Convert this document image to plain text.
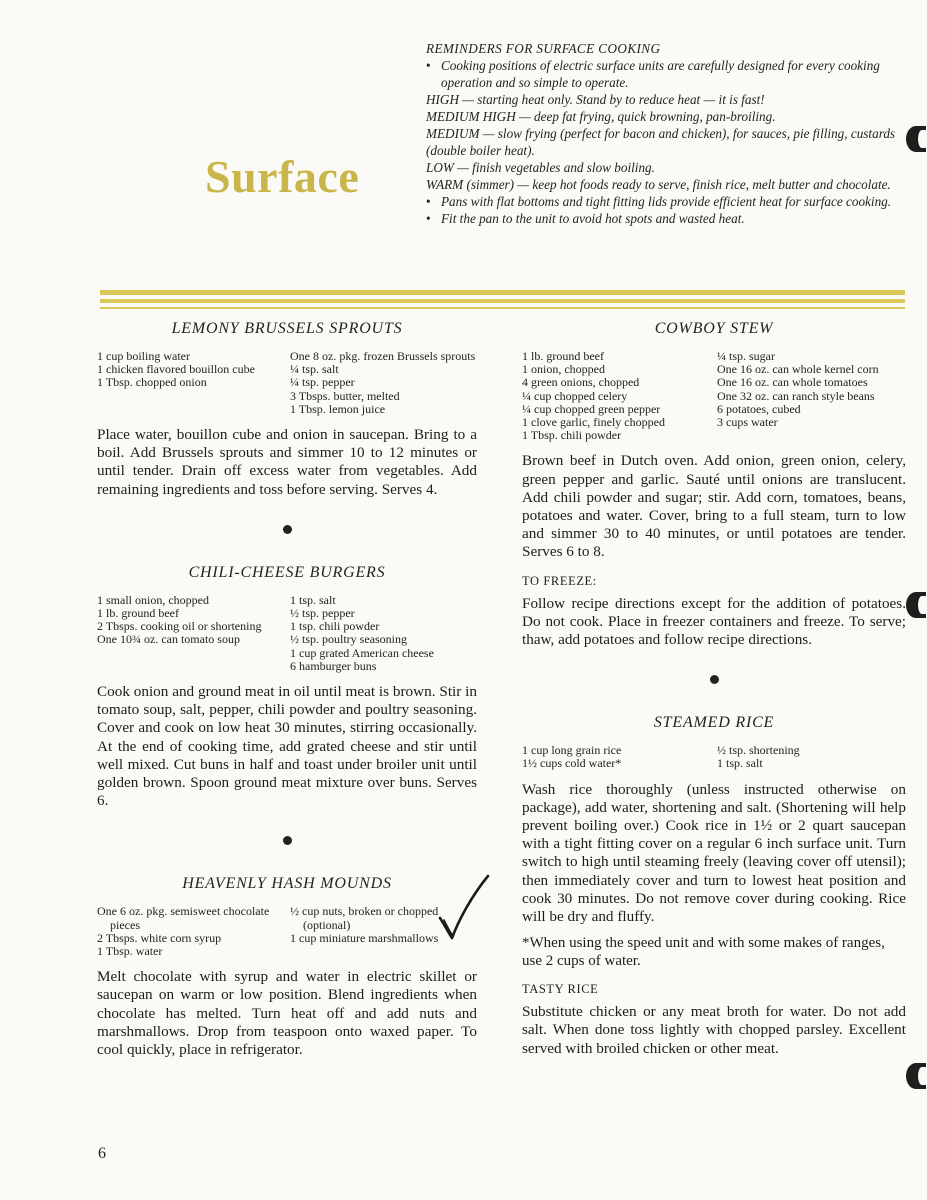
Surface
REMINDERS FOR SURFACE COOKING
• Cooking positions of electric surface units are carefully designed for every cooking operation and so simple to operate.
HIGH — starting heat only. Stand by to reduce heat — it is fast!
MEDIUM HIGH — deep fat frying, quick browning, pan-broiling.
MEDIUM — slow frying (perfect for bacon and chicken), for sauces, pie filling, custards (double boiler heat).
LOW — finish vegetables and slow boiling.
WARM (simmer) — keep hot foods ready to serve, finish rice, melt butter and chocolate.
• Pans with flat bottoms and tight fitting lids provide efficient heat for surface cooking.
• Fit the pan to the unit to avoid hot spots and wasted heat.
LEMONY BRUSSELS SPROUTS
1 cup boiling water
1 chicken flavored bouillon cube
1 Tbsp. chopped onion
One 8 oz. pkg. frozen Brussels sprouts
¼ tsp. salt
¼ tsp. pepper
3 Tbsps. butter, melted
1 Tbsp. lemon juice

Place water, bouillon cube and onion in saucepan. Bring to a boil. Add Brussels sprouts and simmer 10 to 12 minutes or until tender. Drain off excess water from vegetables. Add remaining ingredients and toss before serving. Serves 4.

CHILI-CHEESE BURGERS
1 small onion, chopped
1 lb. ground beef
2 Tbsps. cooking oil or shortening
One 10¾ oz. can tomato soup
1 tsp. salt
½ tsp. pepper
1 tsp. chili powder
½ tsp. poultry seasoning
1 cup grated American cheese
6 hamburger buns

Cook onion and ground meat in oil until meat is brown. Stir in tomato soup, salt, pepper, chili powder and poultry seasoning. Cover and cook on low heat 30 minutes, stirring occasionally. At the end of cooking time, add grated cheese and stir until well mixed. Cut buns in half and toast under broiler unit until golden brown. Spoon ground meat mixture over buns. Serves 6.

HEAVENLY HASH MOUNDS
One 6 oz. pkg. semisweet chocolate pieces
2 Tbsps. white corn syrup
1 Tbsp. water
½ cup nuts, broken or chopped (optional)
1 cup miniature marshmallows

Melt chocolate with syrup and water in electric skillet or saucepan on warm or low position. Blend ingredients when chocolate has melted. Turn heat off and add nuts and marshmallows. Drop from teaspoon onto waxed paper. To cool quickly, place in refrigerator.

COWBOY STEW
1 lb. ground beef
1 onion, chopped
4 green onions, chopped
¼ cup chopped celery
¼ cup chopped green pepper
1 clove garlic, finely chopped
1 Tbsp. chili powder
¼ tsp. sugar
One 16 oz. can whole kernel corn
One 16 oz. can whole tomatoes
One 32 oz. can ranch style beans
6 potatoes, cubed
3 cups water

Brown beef in Dutch oven. Add onion, green onion, celery, green pepper and garlic. Sauté until onions are translucent. Add chili powder and sugar; stir. Add corn, tomatoes, beans, potatoes and water. Cover, bring to a full steam, turn to low and simmer 30 to 40 minutes, or until potatoes are tender. Serves 6 to 8.

TO FREEZE:

Follow recipe directions except for the addition of potatoes. Do not cook. Place in freezer containers and freeze. To serve; thaw, add potatoes and follow recipe directions.

STEAMED RICE
1 cup long grain rice
1½ cups cold water*
½ tsp. shortening
1 tsp. salt

Wash rice thoroughly (unless instructed otherwise on package), add water, shortening and salt. (Shortening will help prevent boiling over.) Cook rice in 1½ or 2 quart saucepan with a tight fitting cover on a regular 6 inch surface unit. Turn switch to high until steaming freely (leaving cover off utensil); then immediately cover and turn to lowest heat position and cook 30 minutes. Do not remove cover during cooking. Rice will be dry and fluffy.

*When using the speed unit and with some makes of ranges, use 2 cups of water.

TASTY RICE

Substitute chicken or any meat broth for water. Do not add salt. When done toss lightly with chopped parsley. Excellent served with broiled chicken or other meat.

6
